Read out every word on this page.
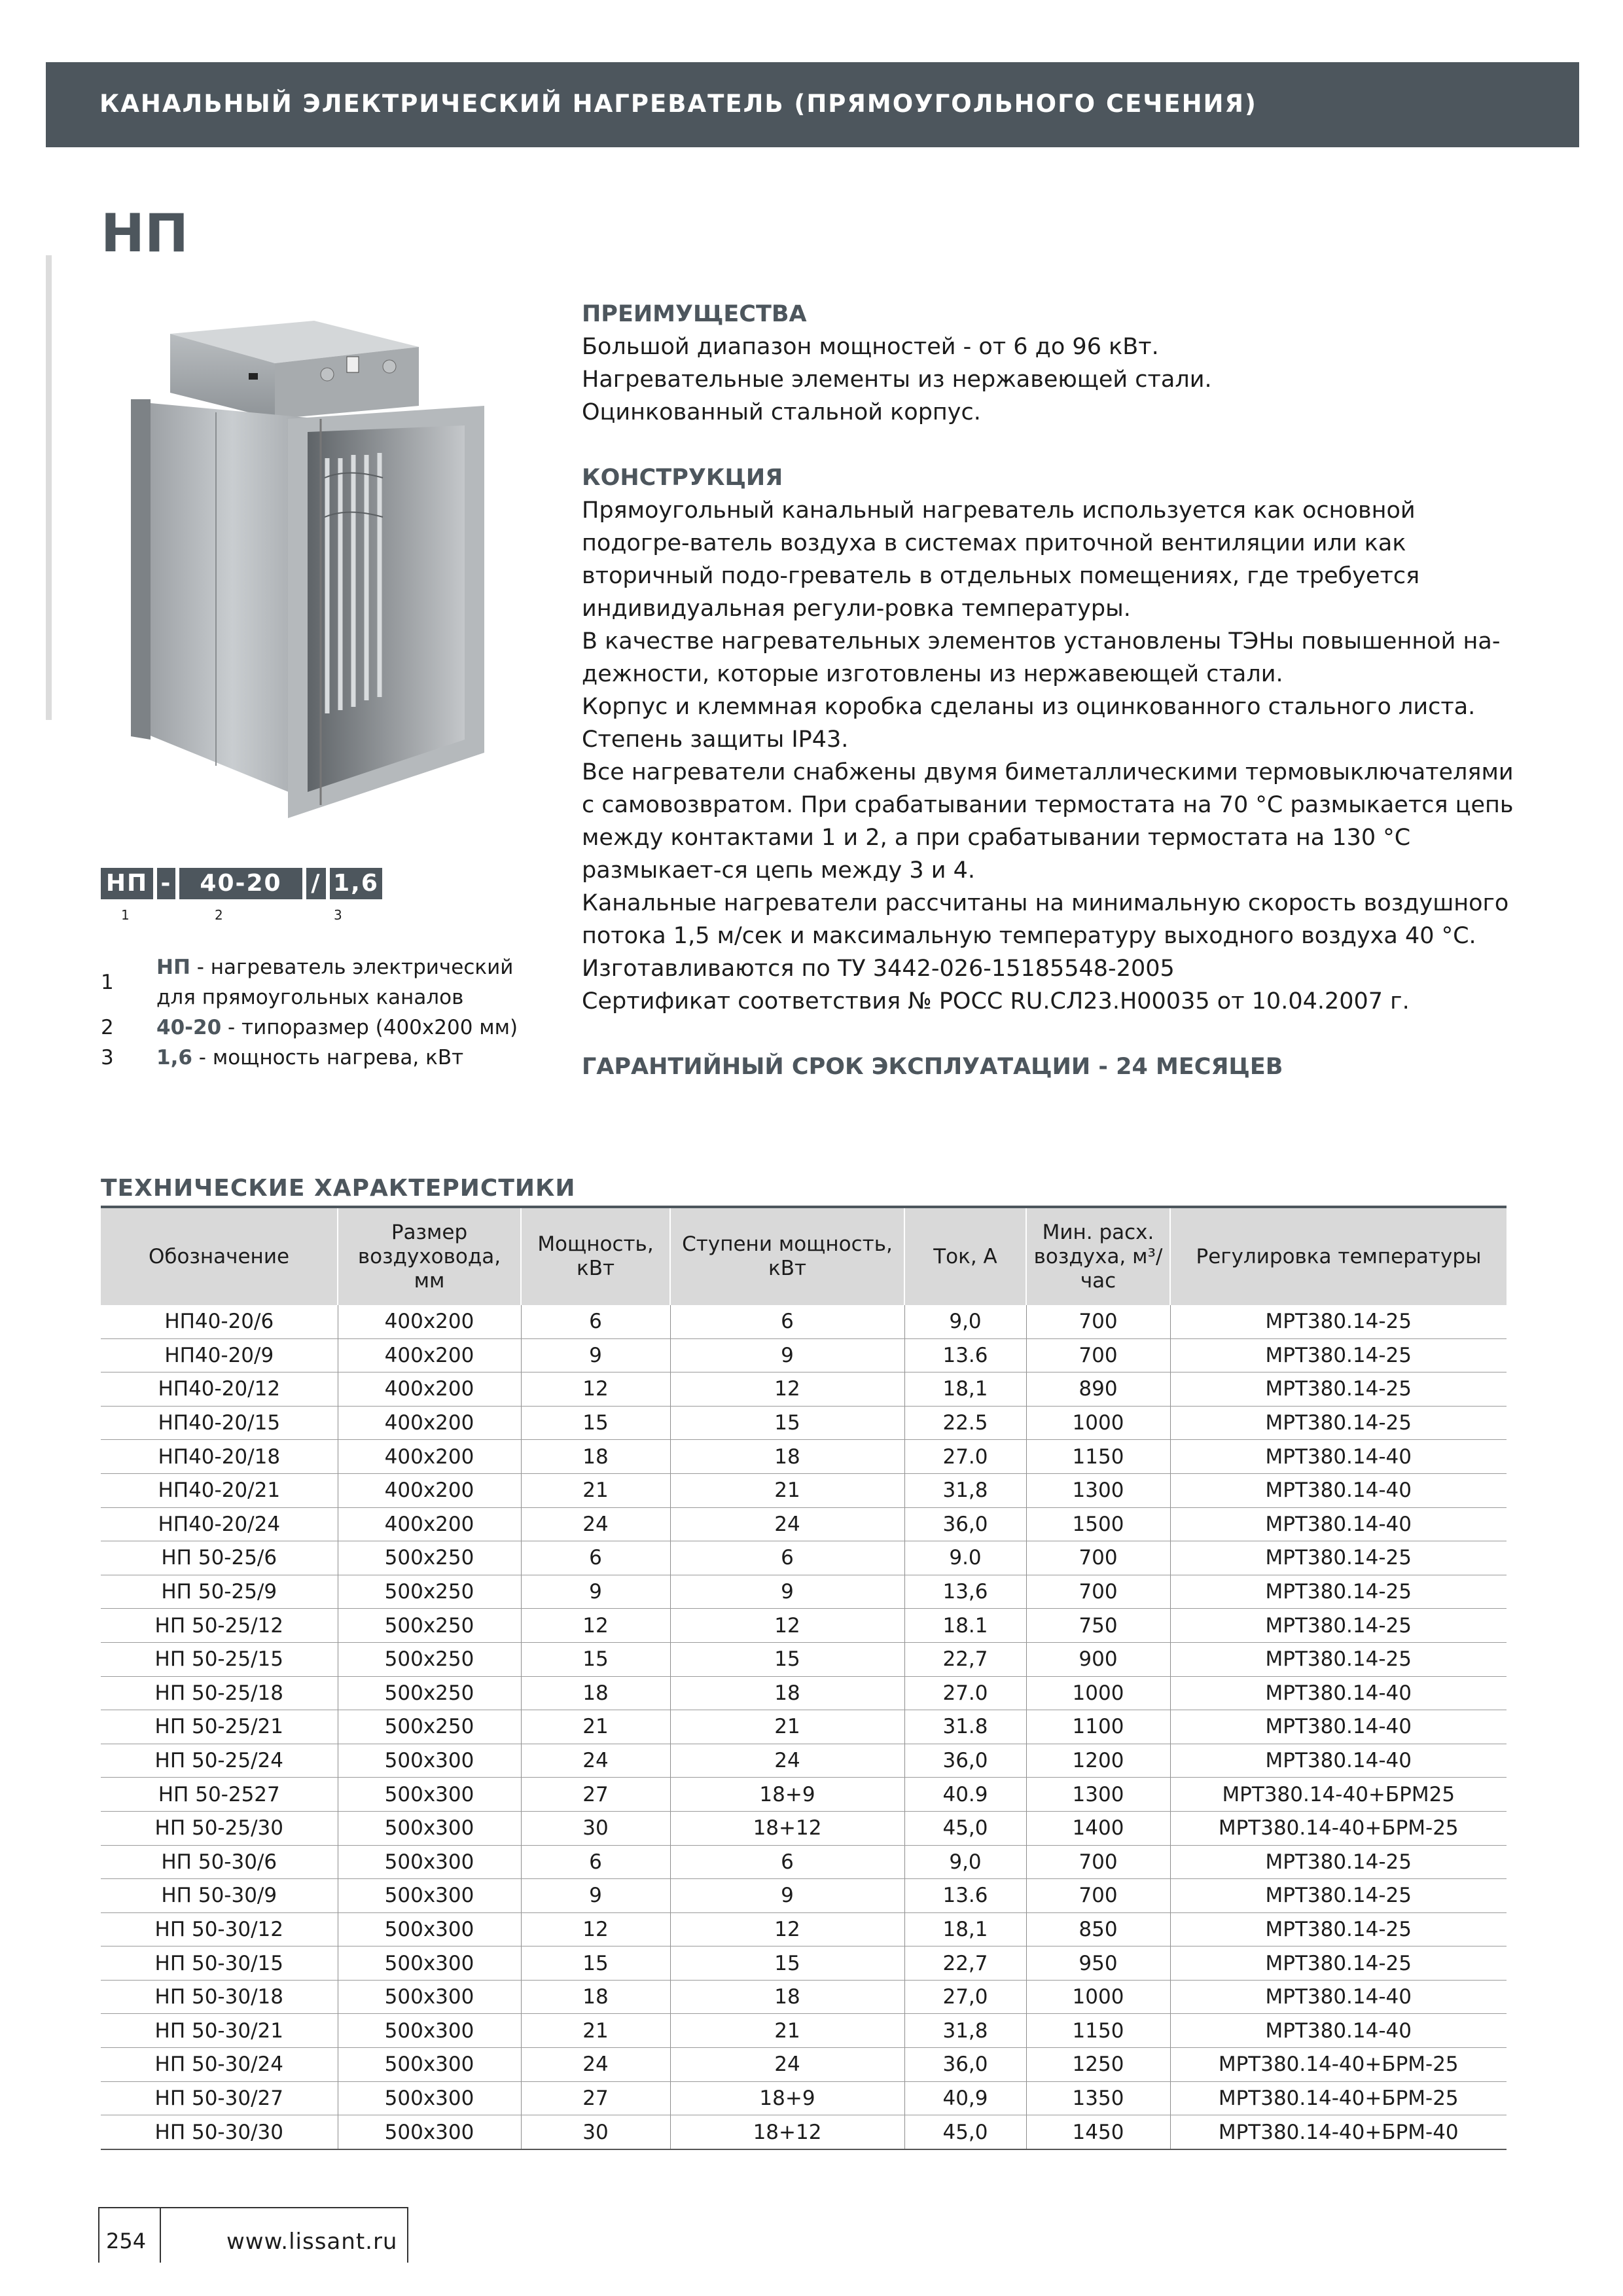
КАНАЛЬНЫЙ ЭЛЕКТРИЧЕСКИЙ НАГРЕВАТЕЛЬ (ПРЯМОУГОЛЬНОГО СЕЧЕНИЯ)
НП
НП -	40-20	/ 1,6
1	2	3
1
НП - нагреватель электрический для прямоугольных каналов
2	40-20 - типоразмер (400х200 мм)
3	1,6 - мощность нагрева, кВт
ПРЕИМУЩЕСТВА

Большой диапазон мощностей - от 6 до 96 кВт.

Нагревательные элементы из нержавеющей стали.

Оцинкованный стальной корпус.

КОНСТРУКЦИЯ

Прямоугольный канальный нагреватель используется как основной подогре-ватель воздуха в системах приточной вентиляции или как вторичный подо-греватель в отдельных помещениях, где требуется индивидуальная регули-ровка температуры.

В качестве нагревательных элементов установлены ТЭНы повышенной на-дежности, которые изготовлены из нержавеющей стали.

Корпус и клеммная коробка сделаны из оцинкованного стального листа. Степень защиты IP43.

Все нагреватели снабжены двумя биметаллическими термовыключателями с самовозвратом. При срабатывании термостата на 70 °С размыкается цепь между контактами 1 и 2, а при срабатывании термостата на 130 °С размыкает-ся цепь между 3 и 4.

Канальные нагреватели рассчитаны на минимальную скорость воздушного потока 1,5 м/сек и максимальную температуру выходного воздуха 40 °С.

Изготавливаются по ТУ 3442-026-15185548-2005

Сертификат соответствия № РОСС RU.СЛ23.Н00035 от 10.04.2007 г.

ГАРАНТИЙНЫЙ СРОК ЭКСПЛУАТАЦИИ - 24 МЕСЯЦЕВ
ТЕХНИЧЕСКИЕ ХАРАКТЕРИСТИКИ
Обозначение	Размер воздуховода, мм	Мощность, кВт	Ступени мощность, кВт	Ток, А	Мин. расх. воздуха, м³/час	Регулировка температуры
НП40-20/6	400х200	6	6	9,0	700	МРТ380.14-25
НП40-20/9	400х200	9	9	13.6	700	МРТ380.14-25
НП40-20/12	400х200	12	12	18,1	890	МРТ380.14-25
НП40-20/15	400х200	15	15	22.5	1000	МРТ380.14-25
НП40-20/18	400х200	18	18	27.0	1150	МРТ380.14-40
НП40-20/21	400х200	21	21	31,8	1300	МРТ380.14-40
НП40-20/24	400х200	24	24	36,0	1500	МРТ380.14-40
НП 50-25/6	500х250	6	6	9.0	700	МРТ380.14-25
НП 50-25/9	500х250	9	9	13,6	700	МРТ380.14-25
НП 50-25/12	500х250	12	12	18.1	750	МРТ380.14-25
НП 50-25/15	500х250	15	15	22,7	900	МРТ380.14-25
НП 50-25/18	500х250	18	18	27.0	1000	МРТ380.14-40
НП 50-25/21	500х250	21	21	31.8	1100	МРТ380.14-40
НП 50-25/24	500х300	24	24	36,0	1200	МРТ380.14-40
НП 50-2527	500х300	27	18+9	40.9	1300	МРТ380.14-40+БРМ25
НП 50-25/30	500х300	30	18+12	45,0	1400	МРТ380.14-40+БРМ-25
НП 50-30/6	500х300	6	6	9,0	700	МРТ380.14-25
НП 50-30/9	500х300	9	9	13.6	700	МРТ380.14-25
НП 50-30/12	500х300	12	12	18,1	850	МРТ380.14-25
НП 50-30/15	500х300	15	15	22,7	950	МРТ380.14-25
НП 50-30/18	500х300	18	18	27,0	1000	МРТ380.14-40
НП 50-30/21	500х300	21	21	31,8	1150	МРТ380.14-40
НП 50-30/24	500х300	24	24	36,0	1250	МРТ380.14-40+БРМ-25
НП 50-30/27	500х300	27	18+9	40,9	1350	МРТ380.14-40+БРМ-25
НП 50-30/30	500х300	30	18+12	45,0	1450	МРТ380.14-40+БРМ-40
254	www.lissant.ru
